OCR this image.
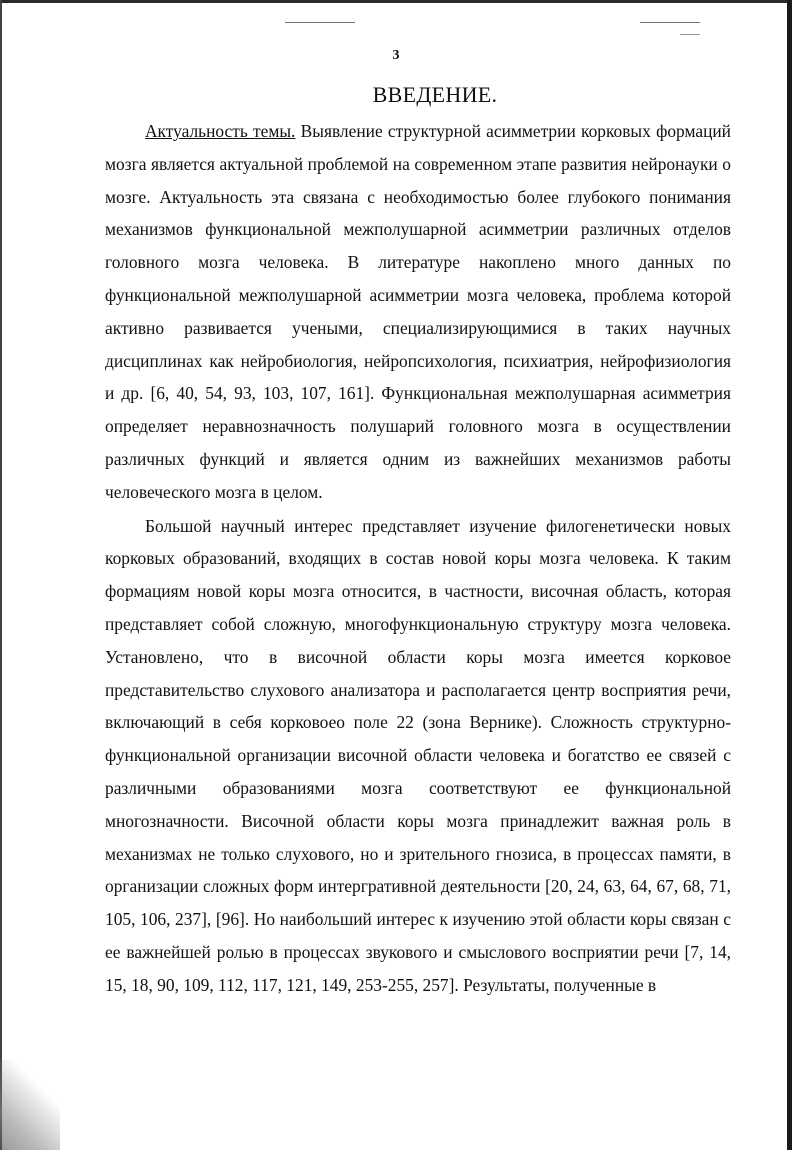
3
ВВЕДЕНИЕ.

Актуальность темы. Выявление структурной асимметрии корковых формаций мозга является актуальной проблемой на современном этапе развития нейронауки о мозге. Актуальность эта связана с необходимостью более глубокого понимания механизмов функциональной межполушарной асимметрии различных отделов головного мозга человека. В литературе накоплено много данных по функциональной межполушарной асимметрии мозга человека, проблема которой активно развивается учеными, специализирующимися в таких научных дисциплинах как нейробиология, нейропсихология, психиатрия, нейрофизиология и др. [6, 40, 54, 93, 103, 107, 161]. Функциональная межполушарная асимметрия определяет неравнозначность полушарий головного мозга в осуществлении различных функций и является одним из важнейших механизмов работы человеческого мозга в целом.

Большой научный интерес представляет изучение филогенетически новых корковых образований, входящих в состав новой коры мозга человека. К таким формациям новой коры мозга относится, в частности, височная область, которая представляет собой сложную, многофункциональную структуру мозга человека. Установлено, что в височной области коры мозга имеется корковое представительство слухового анализатора и располагается центр восприятия речи, включающий в себя корковоео поле 22 (зона Вернике). Сложность структурно-функциональной организации височной области человека и богатство ее связей с различными образованиями мозга соответствуют ее функциональной многозначности. Височной области коры мозга принадлежит важная роль в механизмах не только слухового, но и зрительного гнозиса, в процессах памяти, в организации сложных форм интергративной деятельности [20, 24, 63, 64, 67, 68, 71, 105, 106, 237], [96]. Но наибольший интерес к изучению этой области коры связан с ее важнейшей ролью в процессах звукового и смыслового восприятии речи [7, 14, 15, 18, 90, 109, 112, 117, 121, 149, 253-255, 257]. Результаты, полученные в
